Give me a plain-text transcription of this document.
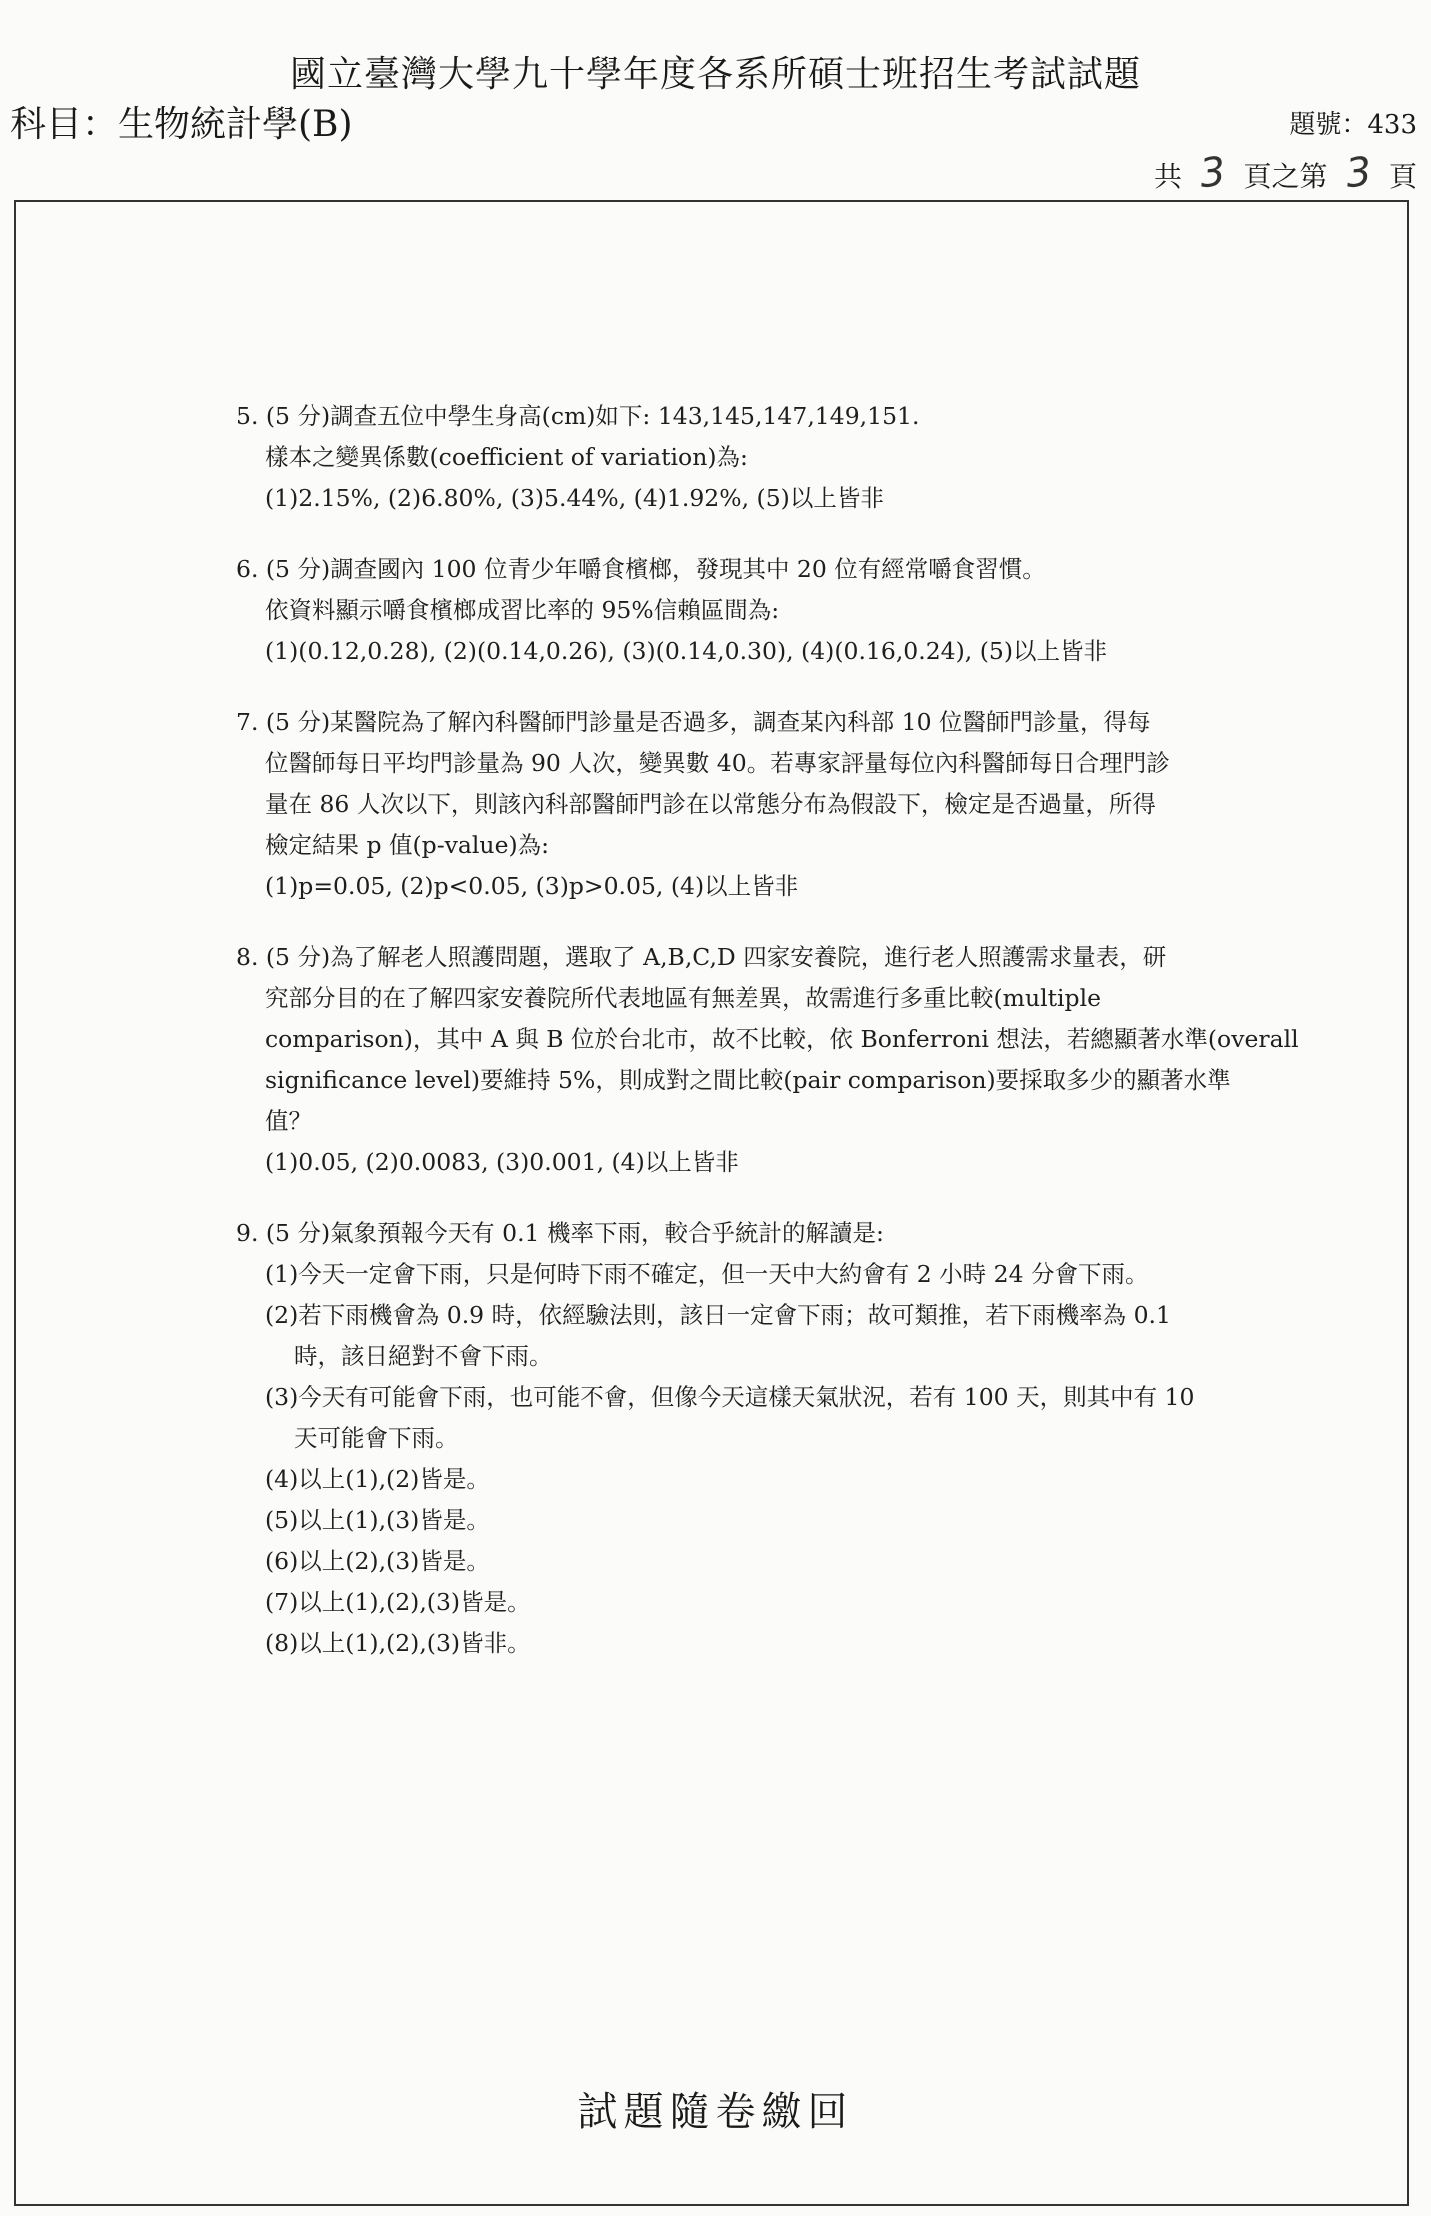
國立臺灣大學九十學年度各系所碩士班招生考試試題
科目：生物統計學(B)	題號：433
共 3 頁之第 3 頁
5. (5 分)調查五位中學生身高(cm)如下: 143,145,147,149,151.
樣本之變異係數(coefficient of variation)為:
(1)2.15%, (2)6.80%, (3)5.44%, (4)1.92%, (5)以上皆非
6. (5 分)調查國內 100 位青少年嚼食檳榔，發現其中 20 位有經常嚼食習慣。
依資料顯示嚼食檳榔成習比率的 95%信賴區間為:
(1)(0.12,0.28), (2)(0.14,0.26), (3)(0.14,0.30), (4)(0.16,0.24), (5)以上皆非
7. (5 分)某醫院為了解內科醫師門診量是否過多，調查某內科部 10 位醫師門診量，得每
位醫師每日平均門診量為 90 人次，變異數 40。若專家評量每位內科醫師每日合理門診
量在 86 人次以下，則該內科部醫師門診在以常態分布為假設下，檢定是否過量，所得
檢定結果 p 值(p-value)為:
(1)p=0.05, (2)p<0.05, (3)p>0.05, (4)以上皆非
8. (5 分)為了解老人照護問題，選取了 A,B,C,D 四家安養院，進行老人照護需求量表，研
究部分目的在了解四家安養院所代表地區有無差異，故需進行多重比較(multiple
comparison)，其中 A 與 B 位於台北市，故不比較，依 Bonferroni 想法，若總顯著水準(overall
significance level)要維持 5%，則成對之間比較(pair comparison)要採取多少的顯著水準
值？
(1)0.05, (2)0.0083, (3)0.001, (4)以上皆非
9. (5 分)氣象預報今天有 0.1 機率下雨，較合乎統計的解讀是:
(1)今天一定會下雨，只是何時下雨不確定，但一天中大約會有 2 小時 24 分會下雨。
(2)若下雨機會為 0.9 時，依經驗法則，該日一定會下雨；故可類推，若下雨機率為 0.1
時，該日絕對不會下雨。
(3)今天有可能會下雨，也可能不會，但像今天這樣天氣狀況，若有 100 天，則其中有 10
天可能會下雨。
(4)以上(1),(2)皆是。
(5)以上(1),(3)皆是。
(6)以上(2),(3)皆是。
(7)以上(1),(2),(3)皆是。
(8)以上(1),(2),(3)皆非。
試題隨卷繳回
